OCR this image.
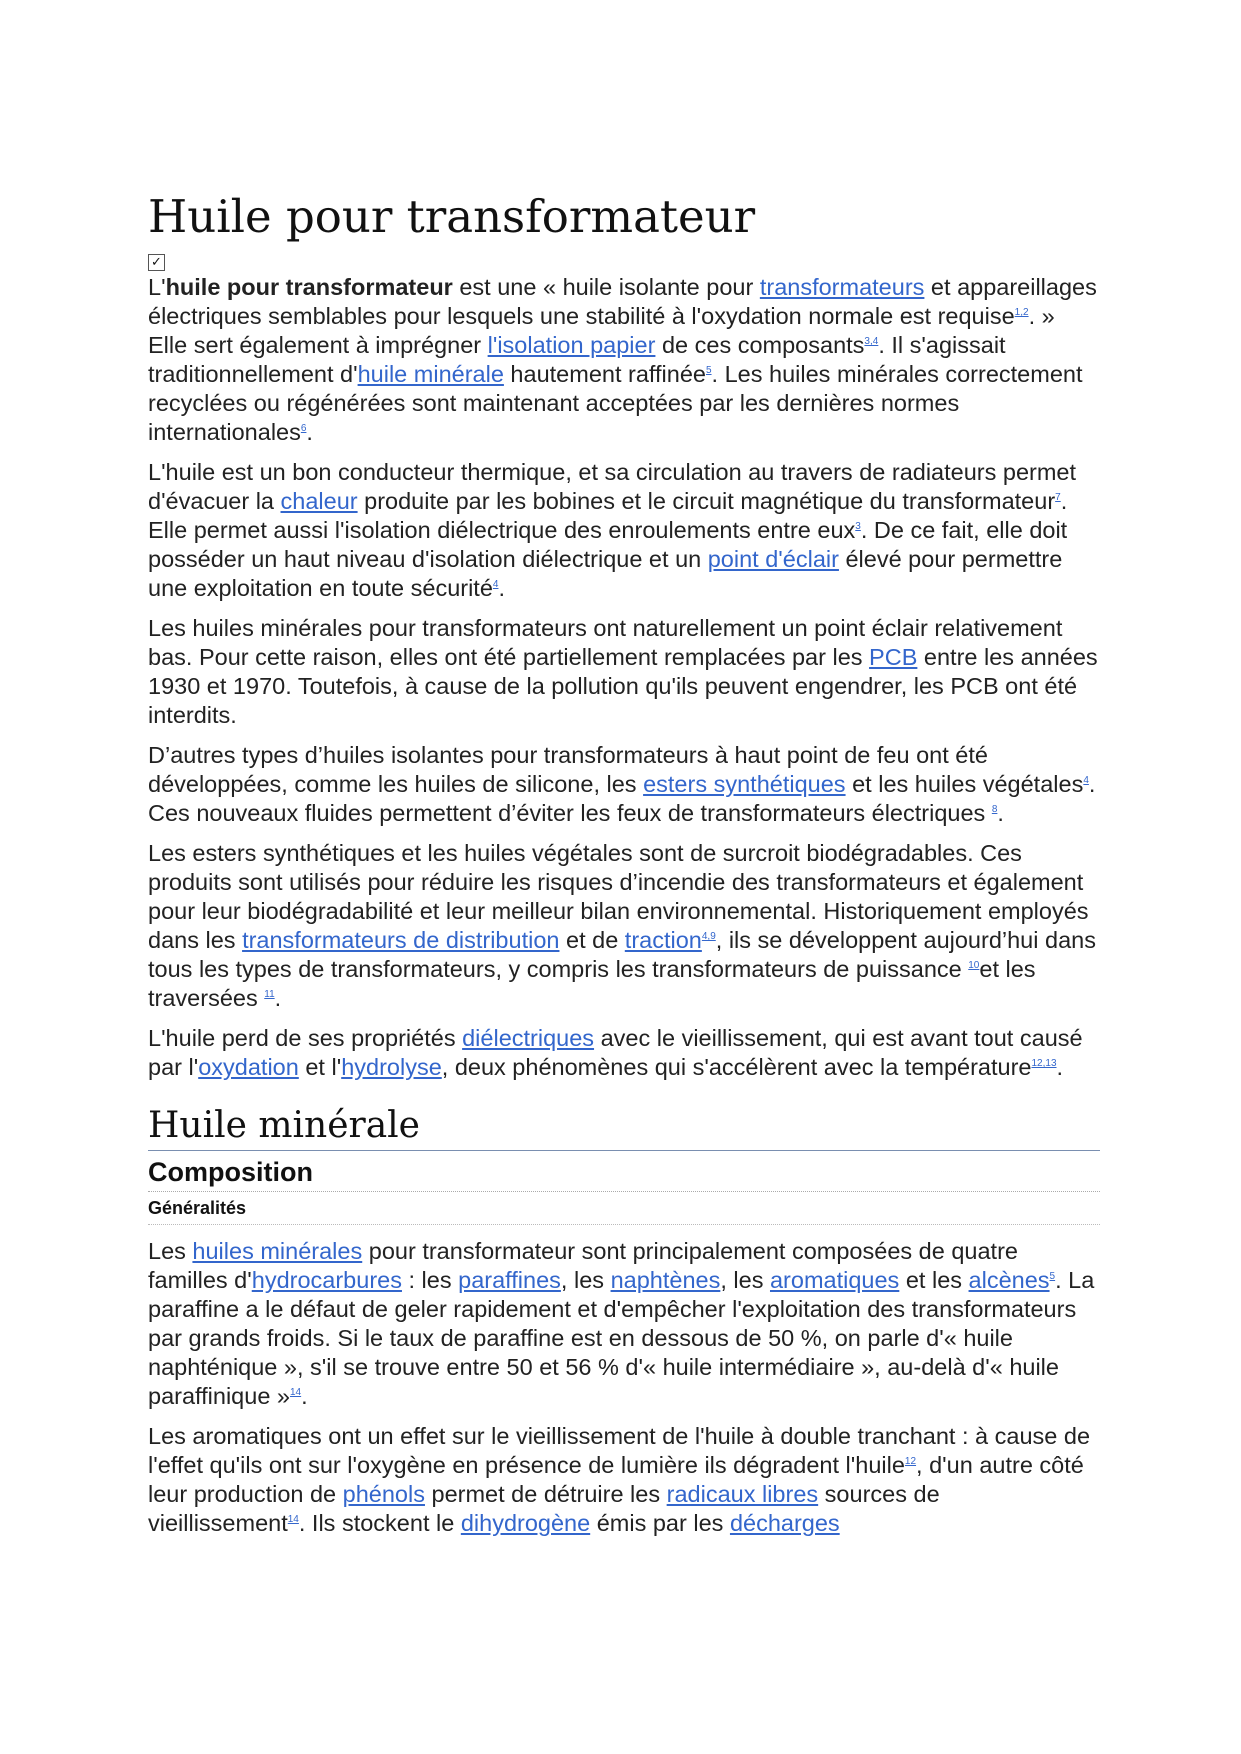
Huile pour transformateur
✓

L'huile pour transformateur est une « huile isolante pour transformateurs et appareillages électriques semblables pour lesquels une stabilité à l'oxydation normale est requise$^{1,2}$. » Elle sert également à imprégner l'isolation papier de ces composants$^{3,4}$. Il s'agissait traditionnellement d'huile minérale hautement raffinée$^5$. Les huiles minérales correctement recyclées ou régénérées sont maintenant acceptées par les dernières normes internationales$^6$.

L'huile est un bon conducteur thermique, et sa circulation au travers de radiateurs permet d'évacuer la chaleur produite par les bobines et le circuit magnétique du transformateur$^7$. Elle permet aussi l'isolation diélectrique des enroulements entre eux$^3$. De ce fait, elle doit posséder un haut niveau d'isolation diélectrique et un point d'éclair élevé pour permettre une exploitation en toute sécurité$^4$.

Les huiles minérales pour transformateurs ont naturellement un point éclair relativement bas. Pour cette raison, elles ont été partiellement remplacées par les PCB entre les années 1930 et 1970. Toutefois, à cause de la pollution qu'ils peuvent engendrer, les PCB ont été interdits.

D’autres types d’huiles isolantes pour transformateurs à haut point de feu ont été développées, comme les huiles de silicone, les esters synthétiques et les huiles végétales$^4$. Ces nouveaux fluides permettent d’éviter les feux de transformateurs électriques $^8$.

Les esters synthétiques et les huiles végétales sont de surcroit biodégradables. Ces produits sont utilisés pour réduire les risques d’incendie des transformateurs et également pour leur biodégradabilité et leur meilleur bilan environnemental. Historiquement employés dans les transformateurs de distribution et de traction$^{4,9}$, ils se développent aujourd’hui dans tous les types de transformateurs, y compris les transformateurs de puissance $^{10}$et les traversées $^{11}$.

L'huile perd de ses propriétés diélectriques avec le vieillissement, qui est avant tout causé par l'oxydation et l'hydrolyse, deux phénomènes qui s'accélèrent avec la température$^{12,13}$.

Huile minérale
Composition
Généralités

Les huiles minérales pour transformateur sont principalement composées de quatre familles d'hydrocarbures : les paraffines, les naphtènes, les aromatiques et les alcènes$^5$. La paraffine a le défaut de geler rapidement et d'empêcher l'exploitation des transformateurs par grands froids. Si le taux de paraffine est en dessous de 50 %, on parle d'« huile naphténique », s'il se trouve entre 50 et 56 % d'« huile intermédiaire », au-delà d'« huile paraffinique »$^{14}$.

Les aromatiques ont un effet sur le vieillissement de l'huile à double tranchant : à cause de l'effet qu'ils ont sur l'oxygène en présence de lumière ils dégradent l'huile$^{12}$, d'un autre côté leur production de phénols permet de détruire les radicaux libres sources de vieillissement$^{14}$. Ils stockent le dihydrogène émis par les décharges
